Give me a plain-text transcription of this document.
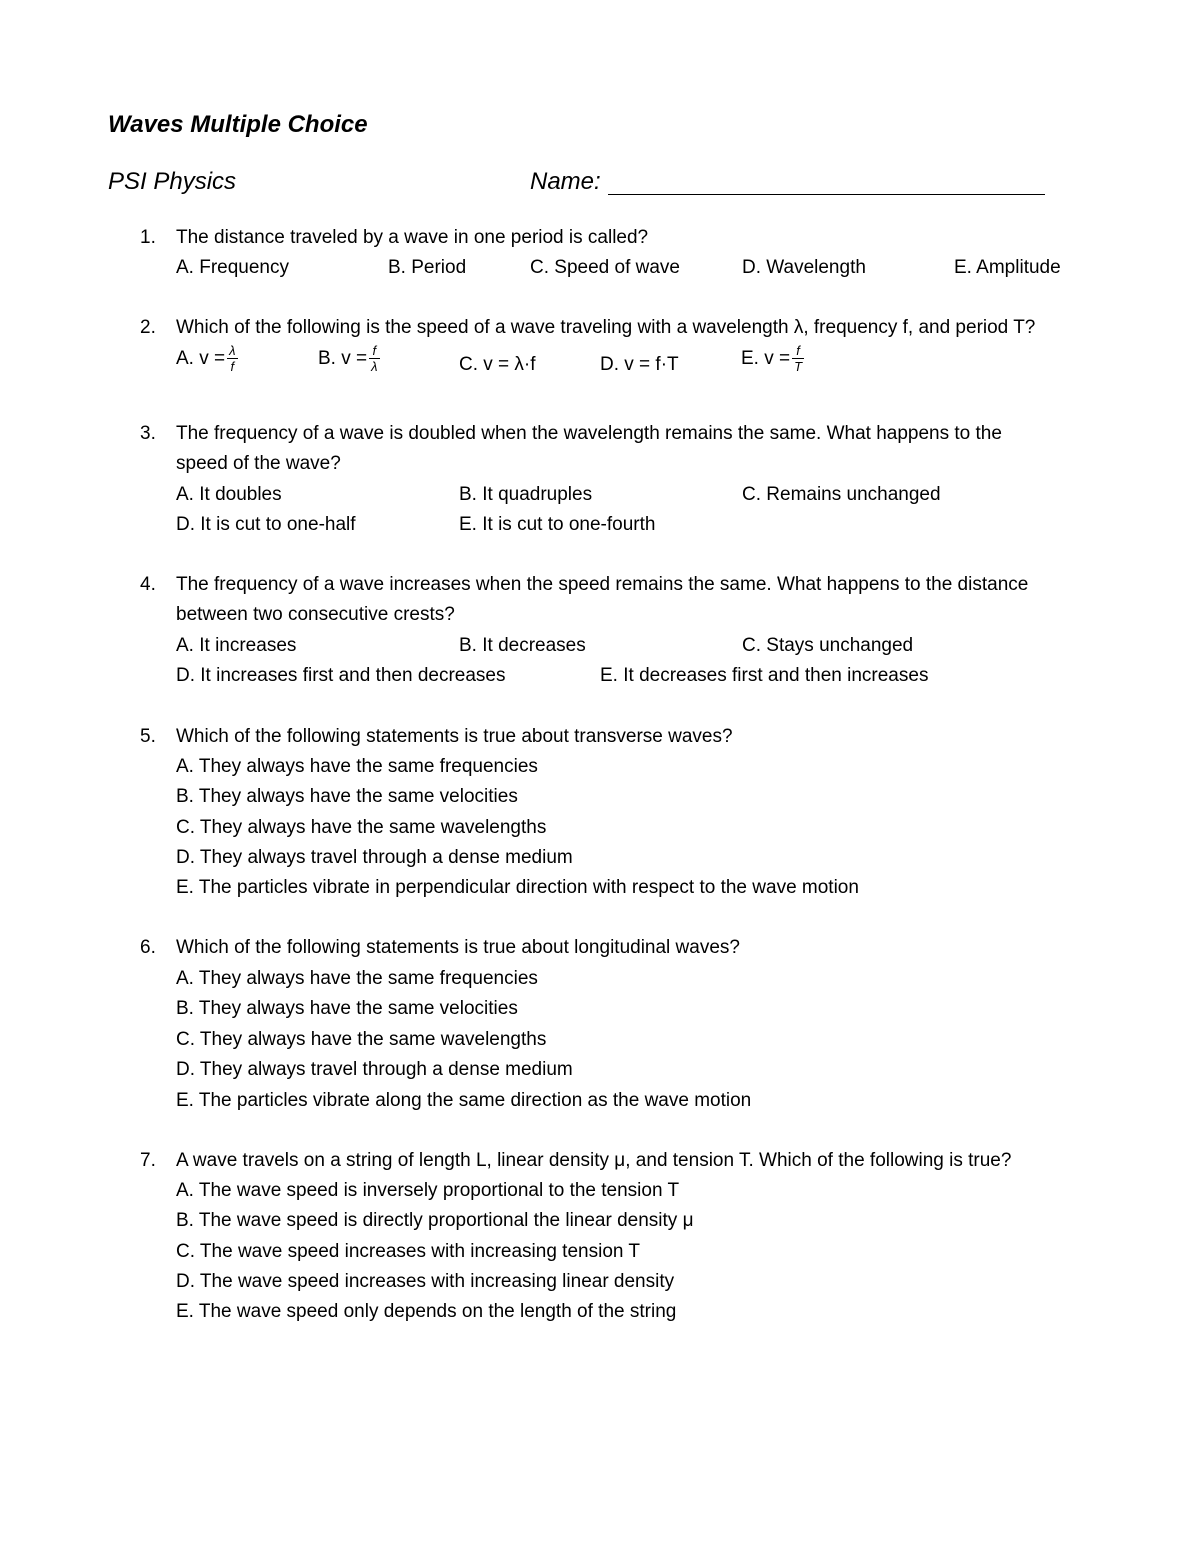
Waves Multiple Choice
PSI Physics	Name:
1. The distance traveled by a wave in one period is called?
A. Frequency	B. Period	C. Speed of wave	D. Wavelength	E. Amplitude
2. Which of the following is the speed of a wave traveling with a wavelength λ, frequency f, and period T?
A. $v = \frac{\lambda}{f}$	B. $v = \frac{f}{\lambda}$	C. v = λ·f	D. v = f·T	E. $v = \frac{f}{T}$
3. The frequency of a wave is doubled when the wavelength remains the same. What happens to the
speed of the wave?
A. It doubles	B. It quadruples	C. Remains unchanged
D. It is cut to one-half	E. It is cut to one-fourth
4. The frequency of a wave increases when the speed remains the same. What happens to the distance
between two consecutive crests?
A. It increases	B. It decreases	C. Stays unchanged
D. It increases first and then decreases	E. It decreases first and then increases
5. Which of the following statements is true about transverse waves?
A. They always have the same frequencies
B. They always have the same velocities
C. They always have the same wavelengths
D. They always travel through a dense medium
E. The particles vibrate in perpendicular direction with respect to the wave motion
6. Which of the following statements is true about longitudinal waves?
A. They always have the same frequencies
B. They always have the same velocities
C. They always have the same wavelengths
D. They always travel through a dense medium
E. The particles vibrate along the same direction as the wave motion
7. A wave travels on a string of length L, linear density μ, and tension T. Which of the following is true?
A. The wave speed is inversely proportional to the tension T
B. The wave speed is directly proportional the linear density μ
C. The wave speed increases with increasing tension T
D. The wave speed increases with increasing linear density
E. The wave speed only depends on the length of the string
